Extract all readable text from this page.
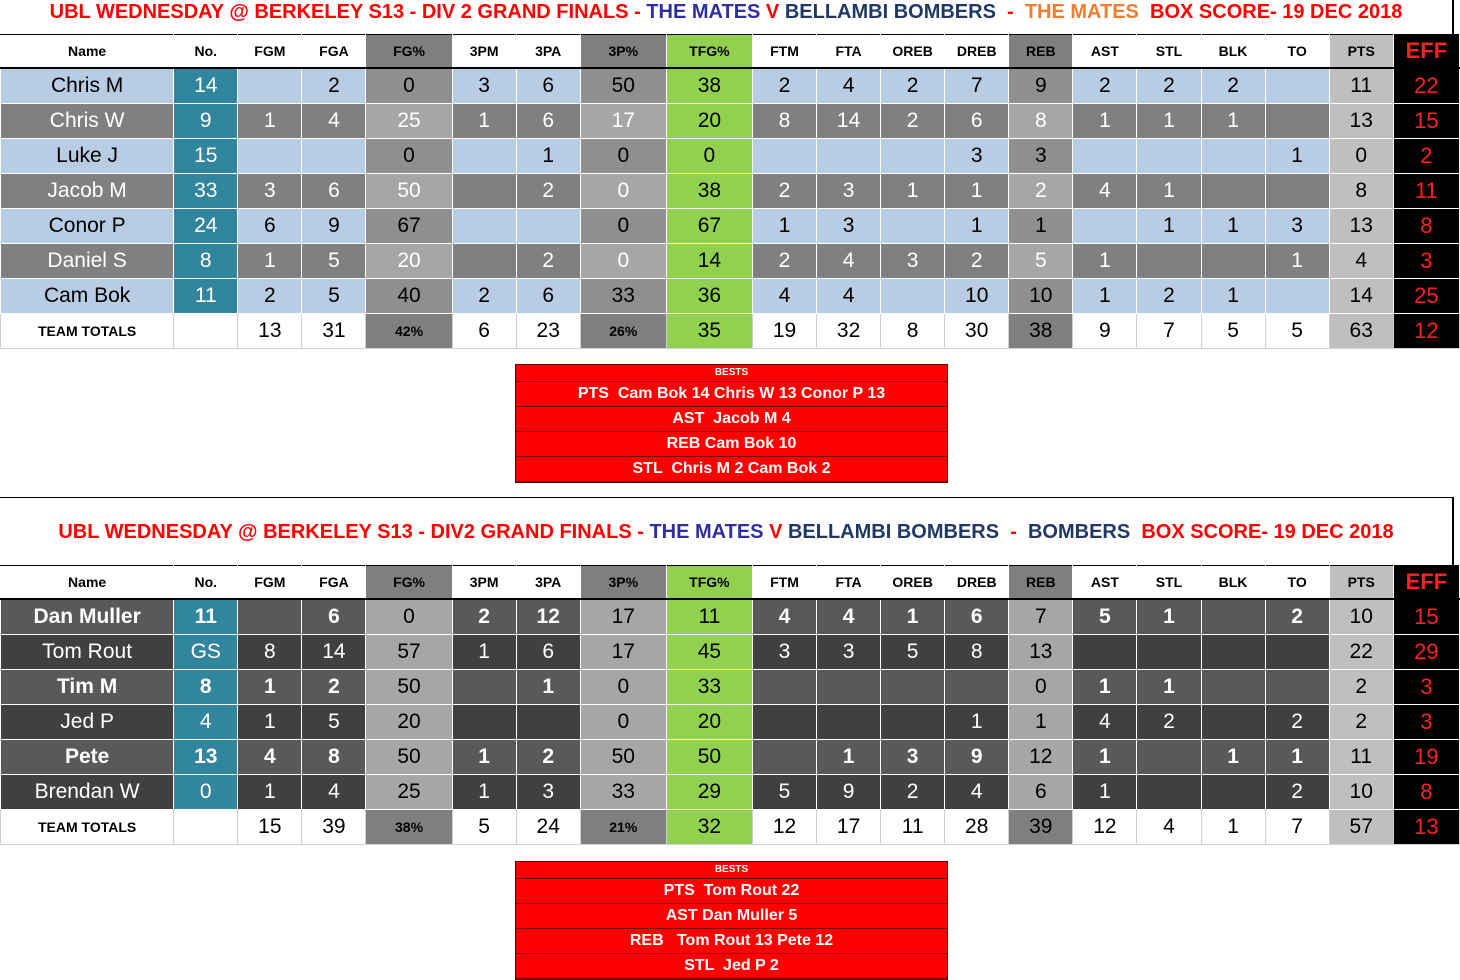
UBL WEDNESDAY @ BERKELEY S13 - DIV 2 GRAND FINALS - THE MATES V BELLAMBI BOMBERS  -  THE MATES  BOX SCORE- 19 DEC 2018
Name	No.	FGM	FGA	FG%	3PM	3PA	3P%	TFG%	FTM	FTA	OREB	DREB	REB	AST	STL	BLK	TO	PTS	EFF
Chris M	14		2	0	3	6	50	38	2	4	2	7	9	2	2	2		11	22
Chris W	9	1	4	25	1	6	17	20	8	14	2	6	8	1	1	1		13	15
Luke J	15			0		1	0	0				3	3				1	0	2
Jacob M	33	3	6	50		2	0	38	2	3	1	1	2	4	1			8	11
Conor P	24	6	9	67			0	67	1	3		1	1		1	1	3	13	8
Daniel S	8	1	5	20		2	0	14	2	4	3	2	5	1			1	4	3
Cam Bok	11	2	5	40	2	6	33	36	4	4		10	10	1	2	1		14	25
TEAM TOTALS		13	31	42%	6	23	26%	35	19	32	8	30	38	9	7	5	5	63	12
BESTS
PTS  Cam Bok 14 Chris W 13 Conor P 13
AST  Jacob M 4
REB Cam Bok 10
STL  Chris M 2 Cam Bok 2
UBL WEDNESDAY @ BERKELEY S13 - DIV2 GRAND FINALS - THE MATES V BELLAMBI BOMBERS  -  BOMBERS  BOX SCORE- 19 DEC 2018
Name	No.	FGM	FGA	FG%	3PM	3PA	3P%	TFG%	FTM	FTA	OREB	DREB	REB	AST	STL	BLK	TO	PTS	EFF
Dan Muller	11		6	0	2	12	17	11	4	4	1	6	7	5	1		2	10	15
Tom Rout	GS	8	14	57	1	6	17	45	3	3	5	8	13					22	29
Tim M	8	1	2	50		1	0	33					0	1	1			2	3
Jed P	4	1	5	20			0	20				1	1	4	2		2	2	3
Pete	13	4	8	50	1	2	50	50		1	3	9	12	1		1	1	11	19
Brendan W	0	1	4	25	1	3	33	29	5	9	2	4	6	1			2	10	8
TEAM TOTALS		15	39	38%	5	24	21%	32	12	17	11	28	39	12	4	1	7	57	13
BESTS
PTS  Tom Rout 22
AST Dan Muller 5
REB   Tom Rout 13 Pete 12
STL  Jed P 2
